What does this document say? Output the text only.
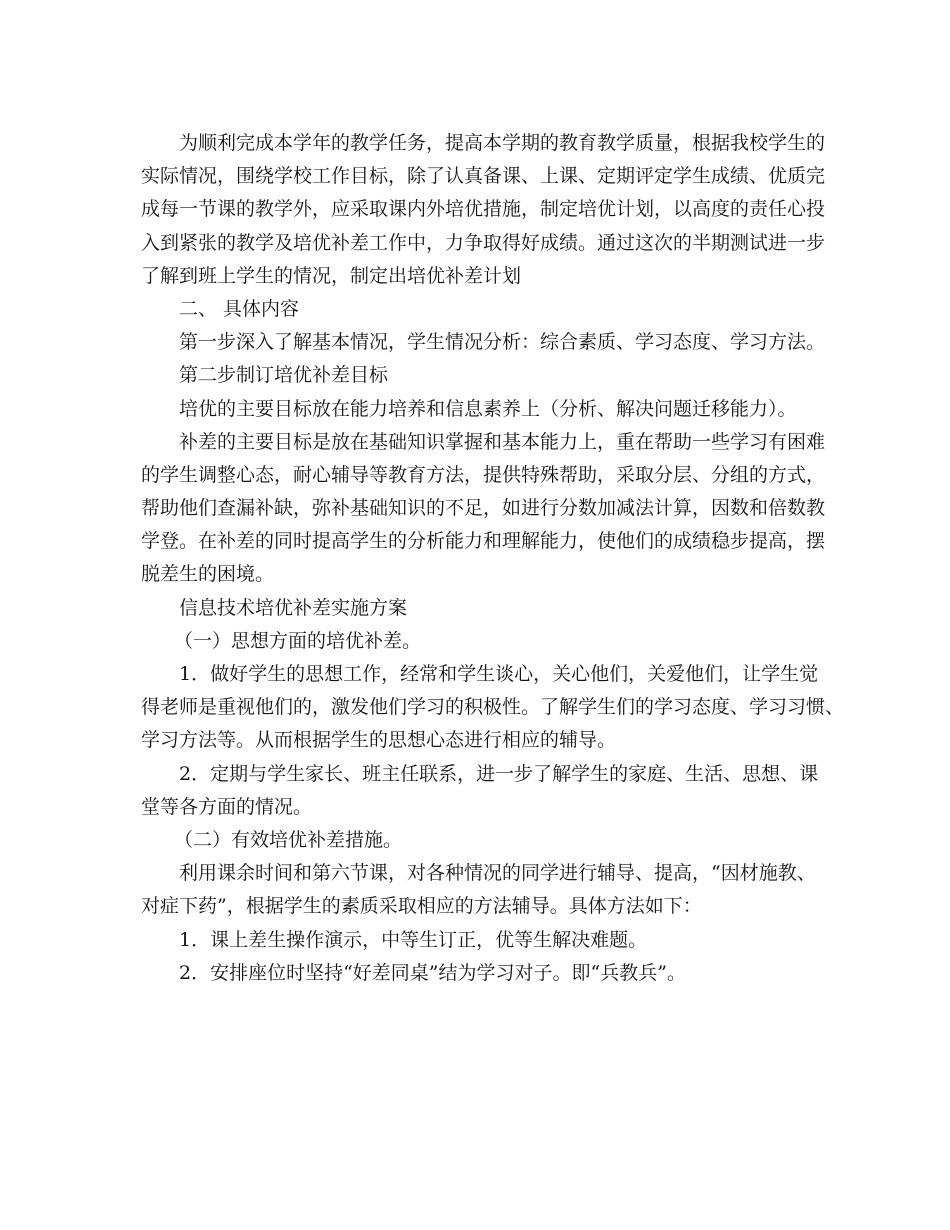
为顺利完成本学年的教学任务，提高本学期的教育教学质量，根据我校学生的
实际情况，围绕学校工作目标，除了认真备课、上课、定期评定学生成绩、优质完
成每一节课的教学外，应采取课内外培优措施，制定培优计划，以高度的责任心投
入到紧张的教学及培优补差工作中，力争取得好成绩。通过这次的半期测试进一步
了解到班上学生的情况，制定出培优补差计划
二、 具体内容
第一步深入了解基本情况，学生情况分析：综合素质、学习态度、学习方法。
第二步制订培优补差目标
培优的主要目标放在能力培养和信息素养上（分析、解决问题迁移能力）。
补差的主要目标是放在基础知识掌握和基本能力上，重在帮助一些学习有困难
的学生调整心态，耐心辅导等教育方法，提供特殊帮助，采取分层、分组的方式，
帮助他们查漏补缺，弥补基础知识的不足，如进行分数加减法计算，因数和倍数教
学登。在补差的同时提高学生的分析能力和理解能力，使他们的成绩稳步提高，摆
脱差生的困境。
信息技术培优补差实施方案
（一）思想方面的培优补差。
1．做好学生的思想工作，经常和学生谈心，关心他们，关爱他们，让学生觉
得老师是重视他们的，激发他们学习的积极性。了解学生们的学习态度、学习习惯、
学习方法等。从而根据学生的思想心态进行相应的辅导。
2．定期与学生家长、班主任联系，进一步了解学生的家庭、生活、思想、课
堂等各方面的情况。
（二）有效培优补差措施。
利用课余时间和第六节课，对各种情况的同学进行辅导、提高，“因材施教、
对症下药”，根据学生的素质采取相应的方法辅导。具体方法如下：
1．课上差生操作演示，中等生订正，优等生解决难题。
2．安排座位时坚持“好差同桌”结为学习对子。即“兵教兵”。
